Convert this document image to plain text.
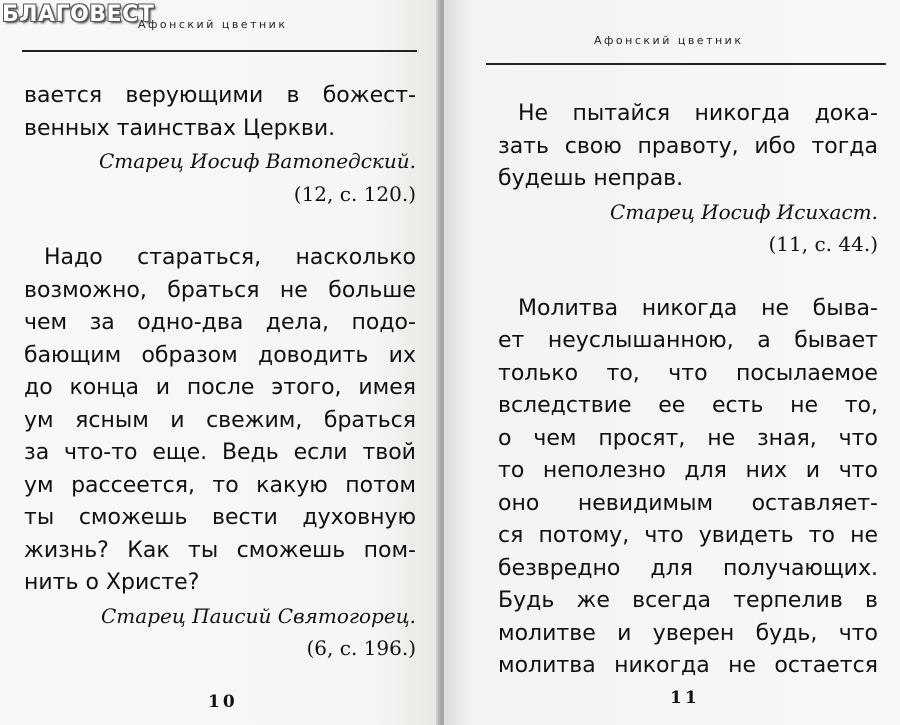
БЛАГОВЕСТ
Афонский цветник
вается верующими в божест-
венных таинствах Церкви.
Старец Иосиф Ватопедский.
(12, с. 120.)
Надо стараться, насколько
возможно, браться не больше
чем за одно-два дела, подо-
бающим образом доводить их
до конца и после этого, имея
ум ясным и свежим, браться
за что-то еще. Ведь если твой
ум рассеется, то какую потом
ты сможешь вести духовную
жизнь? Как ты сможешь пом-
нить о Христе?
Старец Паисий Святогорец.
(6, с. 196.)
10
Афонский цветник
Не пытайся никогда дока-
зать свою правоту, ибо тогда
будешь неправ.
Старец Иосиф Исихаст.
(11, с. 44.)
Молитва никогда не быва-
ет неуслышанною, а бывает
только то, что посылаемое
вследствие ее есть не то,
о чем просят, не зная, что
то неполезно для них и что
оно невидимым оставляет-
ся потому, что увидеть то не
безвредно для получающих.
Будь же всегда терпелив в
молитве и уверен будь, что
молитва никогда не остается
11
